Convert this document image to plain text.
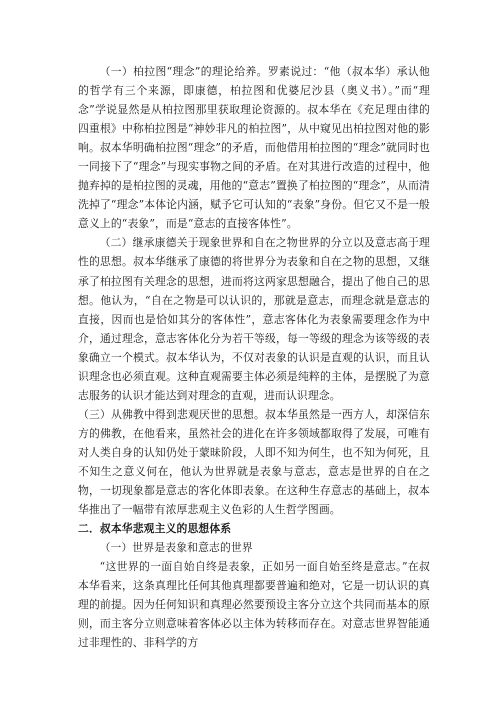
（一）柏拉图“理念”的理论给养。罗素说过：“他（叔本华）承认他的哲学有三个来源，即康德，柏拉图和优婆尼沙县（奥义书）。”而“理念”学说显然是从柏拉图那里获取理论资源的。叔本华在《充足理由律的四重根》中称柏拉图是“神妙非凡的柏拉图”，从中窥见出柏拉图对他的影响。叔本华明确柏拉图“理念”的矛盾，而他借用柏拉图的“理念”就同时也一同接下了“理念”与现实事物之间的矛盾。在对其进行改造的过程中，他抛弃掉的是柏拉图的灵魂，用他的“意志”置换了柏拉图的“理念”，从而清洗掉了“理念”本体论内涵，赋予它可认知的“表象”身份。但它又不是一般意义上的“表象”，而是“意志的直接客体性”。

（二）继承康德关于现象世界和自在之物世界的分立以及意志高于理性的思想。叔本华继承了康德的将世界分为表象和自在之物的思想，又继承了柏拉图有关理念的思想，进而将这两家思想融合，提出了他自己的思想。他认为，“自在之物是可以认识的，那就是意志，而理念就是意志的直接，因而也是恰如其分的客体性”，意志客体化为表象需要理念作为中介，通过理念，意志客体化分为若干等级，每一等级的理念为该等级的表象确立一个模式。叔本华认为，不仅对表象的认识是直观的认识，而且认识理念也必须直观。这种直观需要主体必须是纯粹的主体，是摆脱了为意志服务的认识才能达到对理念的直观，进而认识理念。

（三）从佛教中得到悲观厌世的思想。叔本华虽然是一西方人，却深信东方的佛教，在他看来，虽然社会的进化在许多领域都取得了发展，可唯有对人类自身的认知仍处于蒙昧阶段，人即不知为何生，也不知为何死，且不知生之意义何在，他认为世界就是表象与意志，意志是世界的自在之物，一切现象都是意志的客化体即表象。在这种生存意志的基础上，叔本华推出了一幅带有浓厚悲观主义色彩的人生哲学图画。

二．叔本华悲观主义的思想体系

（一）世界是表象和意志的世界

“这世界的一面自始自终是表象，正如另一面自始至终是意志。”在叔本华看来，这条真理比任何其他真理都要普遍和绝对，它是一切认识的真理的前提。因为任何知识和真理必然要预设主客分立这个共同而基本的原则，而主客分立则意味着客体必以主体为转移而存在。对意志世界智能通过非理性的、非科学的方
